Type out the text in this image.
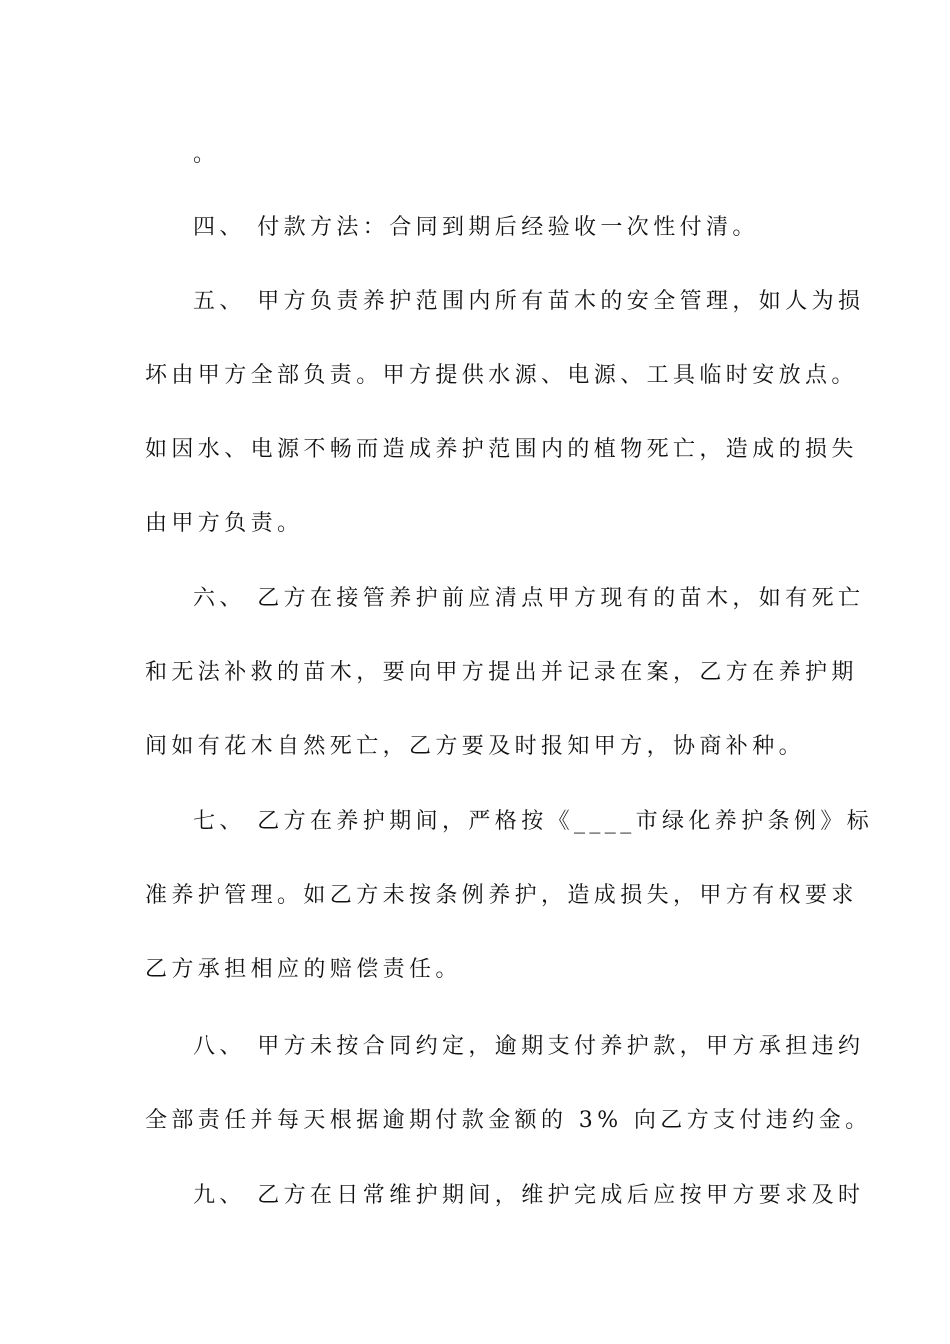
。
四、 付款方法：合同到期后经验收一次性付清。
五、 甲方负责养护范围内所有苗木的安全管理，如人为损
坏由甲方全部负责。甲方提供水源、电源、工具临时安放点。
如因水、电源不畅而造成养护范围内的植物死亡，造成的损失
由甲方负责。
六、 乙方在接管养护前应清点甲方现有的苗木，如有死亡
和无法补救的苗木，要向甲方提出并记录在案，乙方在养护期
间如有花木自然死亡，乙方要及时报知甲方，协商补种。
七、 乙方在养护期间，严格按《____市绿化养护条例》标
准养护管理。如乙方未按条例养护，造成损失，甲方有权要求
乙方承担相应的赔偿责任。
八、 甲方未按合同约定，逾期支付养护款，甲方承担违约
全部责任并每天根据逾期付款金额的 3% 向乙方支付违约金。
九、 乙方在日常维护期间，维护完成后应按甲方要求及时
